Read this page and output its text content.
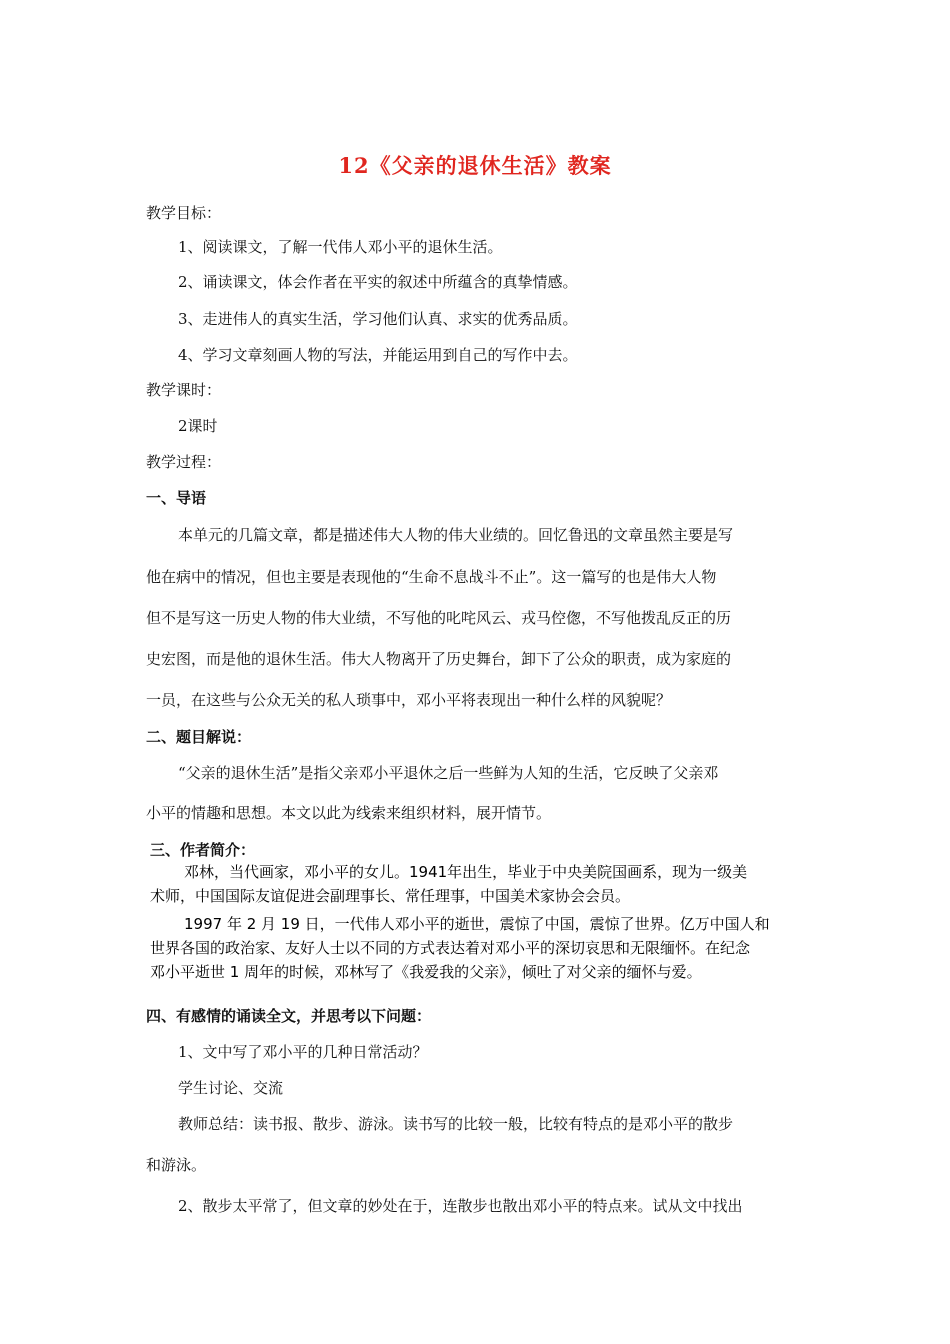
12《父亲的退休生活》教案
教学目标：
1、阅读课文，了解一代伟人邓小平的退休生活。
2、诵读课文，体会作者在平实的叙述中所蕴含的真挚情感。
3、走进伟人的真实生活，学习他们认真、求实的优秀品质。
4、学习文章刻画人物的写法，并能运用到自己的写作中去。
教学课时：
2课时
教学过程：
一、导语
本单元的几篇文章，都是描述伟大人物的伟大业绩的。回忆鲁迅的文章虽然主要是写
他在病中的情况，但也主要是表现他的“生命不息战斗不止”。这一篇写的也是伟大人物
但不是写这一历史人物的伟大业绩，不写他的叱咤风云、戎马倥偬，不写他拨乱反正的历
史宏图，而是他的退休生活。伟大人物离开了历史舞台，卸下了公众的职责，成为家庭的
一员，在这些与公众无关的私人琐事中，邓小平将表现出一种什么样的风貌呢？
二、题目解说：
“父亲的退休生活”是指父亲邓小平退休之后一些鲜为人知的生活，它反映了父亲邓
小平的情趣和思想。本文以此为线索来组织材料，展开情节。
三、作者简介：
邓林，当代画家，邓小平的女儿。1941年出生，毕业于中央美院国画系，现为一级美
术师，中国国际友谊促进会副理事长、常任理事，中国美术家协会会员。
1997 年 2 月 19 日，一代伟人邓小平的逝世，震惊了中国，震惊了世界。亿万中国人和
世界各国的政治家、友好人士以不同的方式表达着对邓小平的深切哀思和无限缅怀。在纪念
邓小平逝世 1 周年的时候，邓林写了《我爱我的父亲》，倾吐了对父亲的缅怀与爱。
四、有感情的诵读全文，并思考以下问题：
1、文中写了邓小平的几种日常活动？
学生讨论、交流
教师总结：读书报、散步、游泳。读书写的比较一般，比较有特点的是邓小平的散步
和游泳。
2、散步太平常了，但文章的妙处在于，连散步也散出邓小平的特点来。试从文中找出
